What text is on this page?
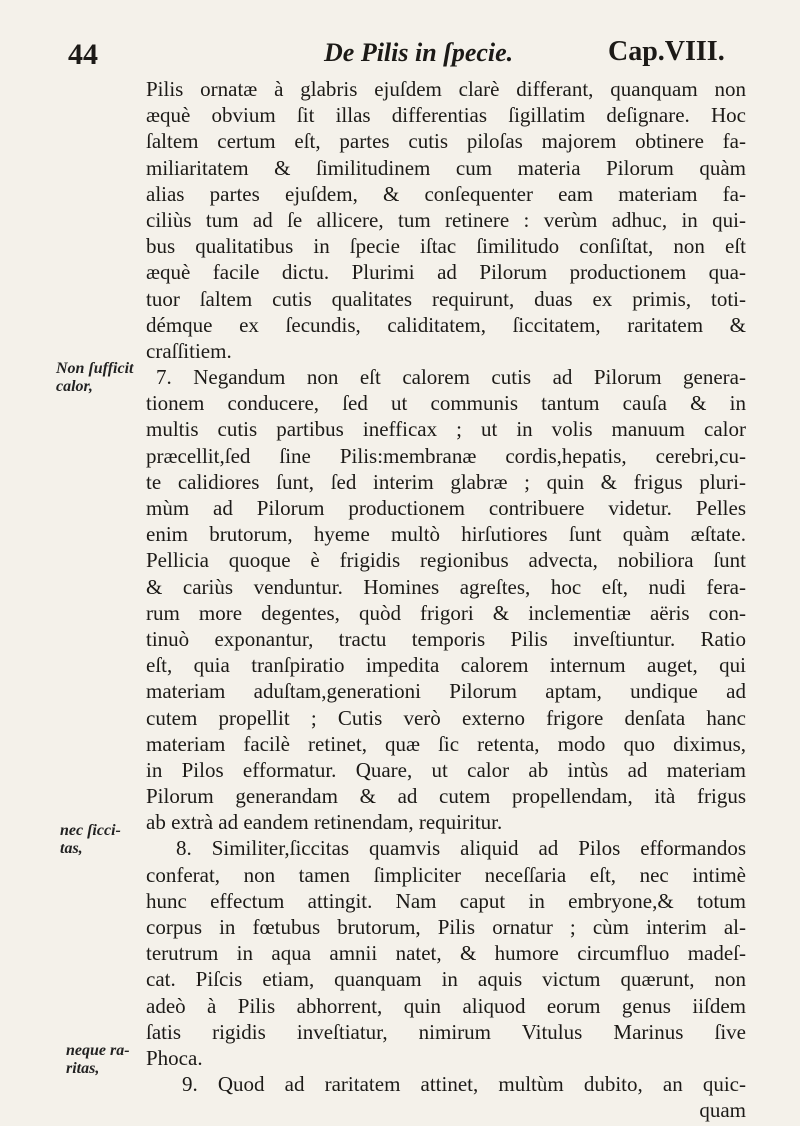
44	De Pilis in ſpecie.	Cap.VIII.
Pilis ornatæ à glabris ejuſdem clarè differant, quanquam non
æquè obvium ſit illas differentias ſigillatim deſignare. Hoc
ſaltem certum eſt, partes cutis piloſas majorem obtinere fa-
miliaritatem & ſimilitudinem cum materia Pilorum quàm
alias partes ejuſdem, & conſequenter eam materiam fa-
ciliùs tum ad ſe allicere, tum retinere : verùm adhuc, in qui-
bus qualitatibus in ſpecie iſtac ſimilitudo conſiſtat, non eſt
æquè facile dictu. Plurimi ad Pilorum productionem qua-
tuor ſaltem cutis qualitates requirunt, duas ex primis, toti-
démque ex ſecundis, caliditatem, ſiccitatem, raritatem &
craſſitiem.
7. Negandum non eſt calorem cutis ad Pilorum genera-
tionem conducere, ſed ut communis tantum cauſa & in
multis cutis partibus inefficax ; ut in volis manuum calor
præcellit,ſed ſine Pilis:membranæ cordis,hepatis, cerebri,cu-
te calidiores ſunt, ſed interim glabræ ; quin & frigus pluri-
mùm ad Pilorum productionem contribuere videtur. Pelles
enim brutorum, hyeme multò hirſutiores ſunt quàm æſtate.
Pellicia quoque è frigidis regionibus advecta, nobiliora ſunt
& cariùs venduntur. Homines agreſtes, hoc eſt, nudi fera-
rum more degentes, quòd frigori & inclementiæ aëris con-
tinuò exponantur, tractu temporis Pilis inveſtiuntur. Ratio
eſt, quia tranſpiratio impedita calorem internum auget, qui
materiam aduſtam,generationi Pilorum aptam, undique ad
cutem propellit ; Cutis verò externo frigore denſata hanc
materiam facilè retinet, quæ ſic retenta, modo quo diximus,
in Pilos efformatur. Quare, ut calor ab intùs ad materiam
Pilorum generandam & ad cutem propellendam, ità frigus
ab extrà ad eandem retinendam, requiritur.
8. Similiter,ſiccitas quamvis aliquid ad Pilos efformandos
conferat, non tamen ſimpliciter neceſſaria eſt, nec intimè
hunc effectum attingit. Nam caput in embryone,& totum
corpus in fœtubus brutorum, Pilis ornatur ; cùm interim al-
terutrum in aqua amnii natet, & humore circumfluo madeſ-
cat. Piſcis etiam, quanquam in aquis victum quærunt, non
adeò à Pilis abhorrent, quin aliquod eorum genus iiſdem
ſatis rigidis inveſtiatur, nimirum Vitulus Marinus ſive
Phoca.
9. Quod ad raritatem attinet, multùm dubito, an quic-
quam
Non ſufficit
calor,
nec ſicci-
tas,
neque ra-
ritas,
